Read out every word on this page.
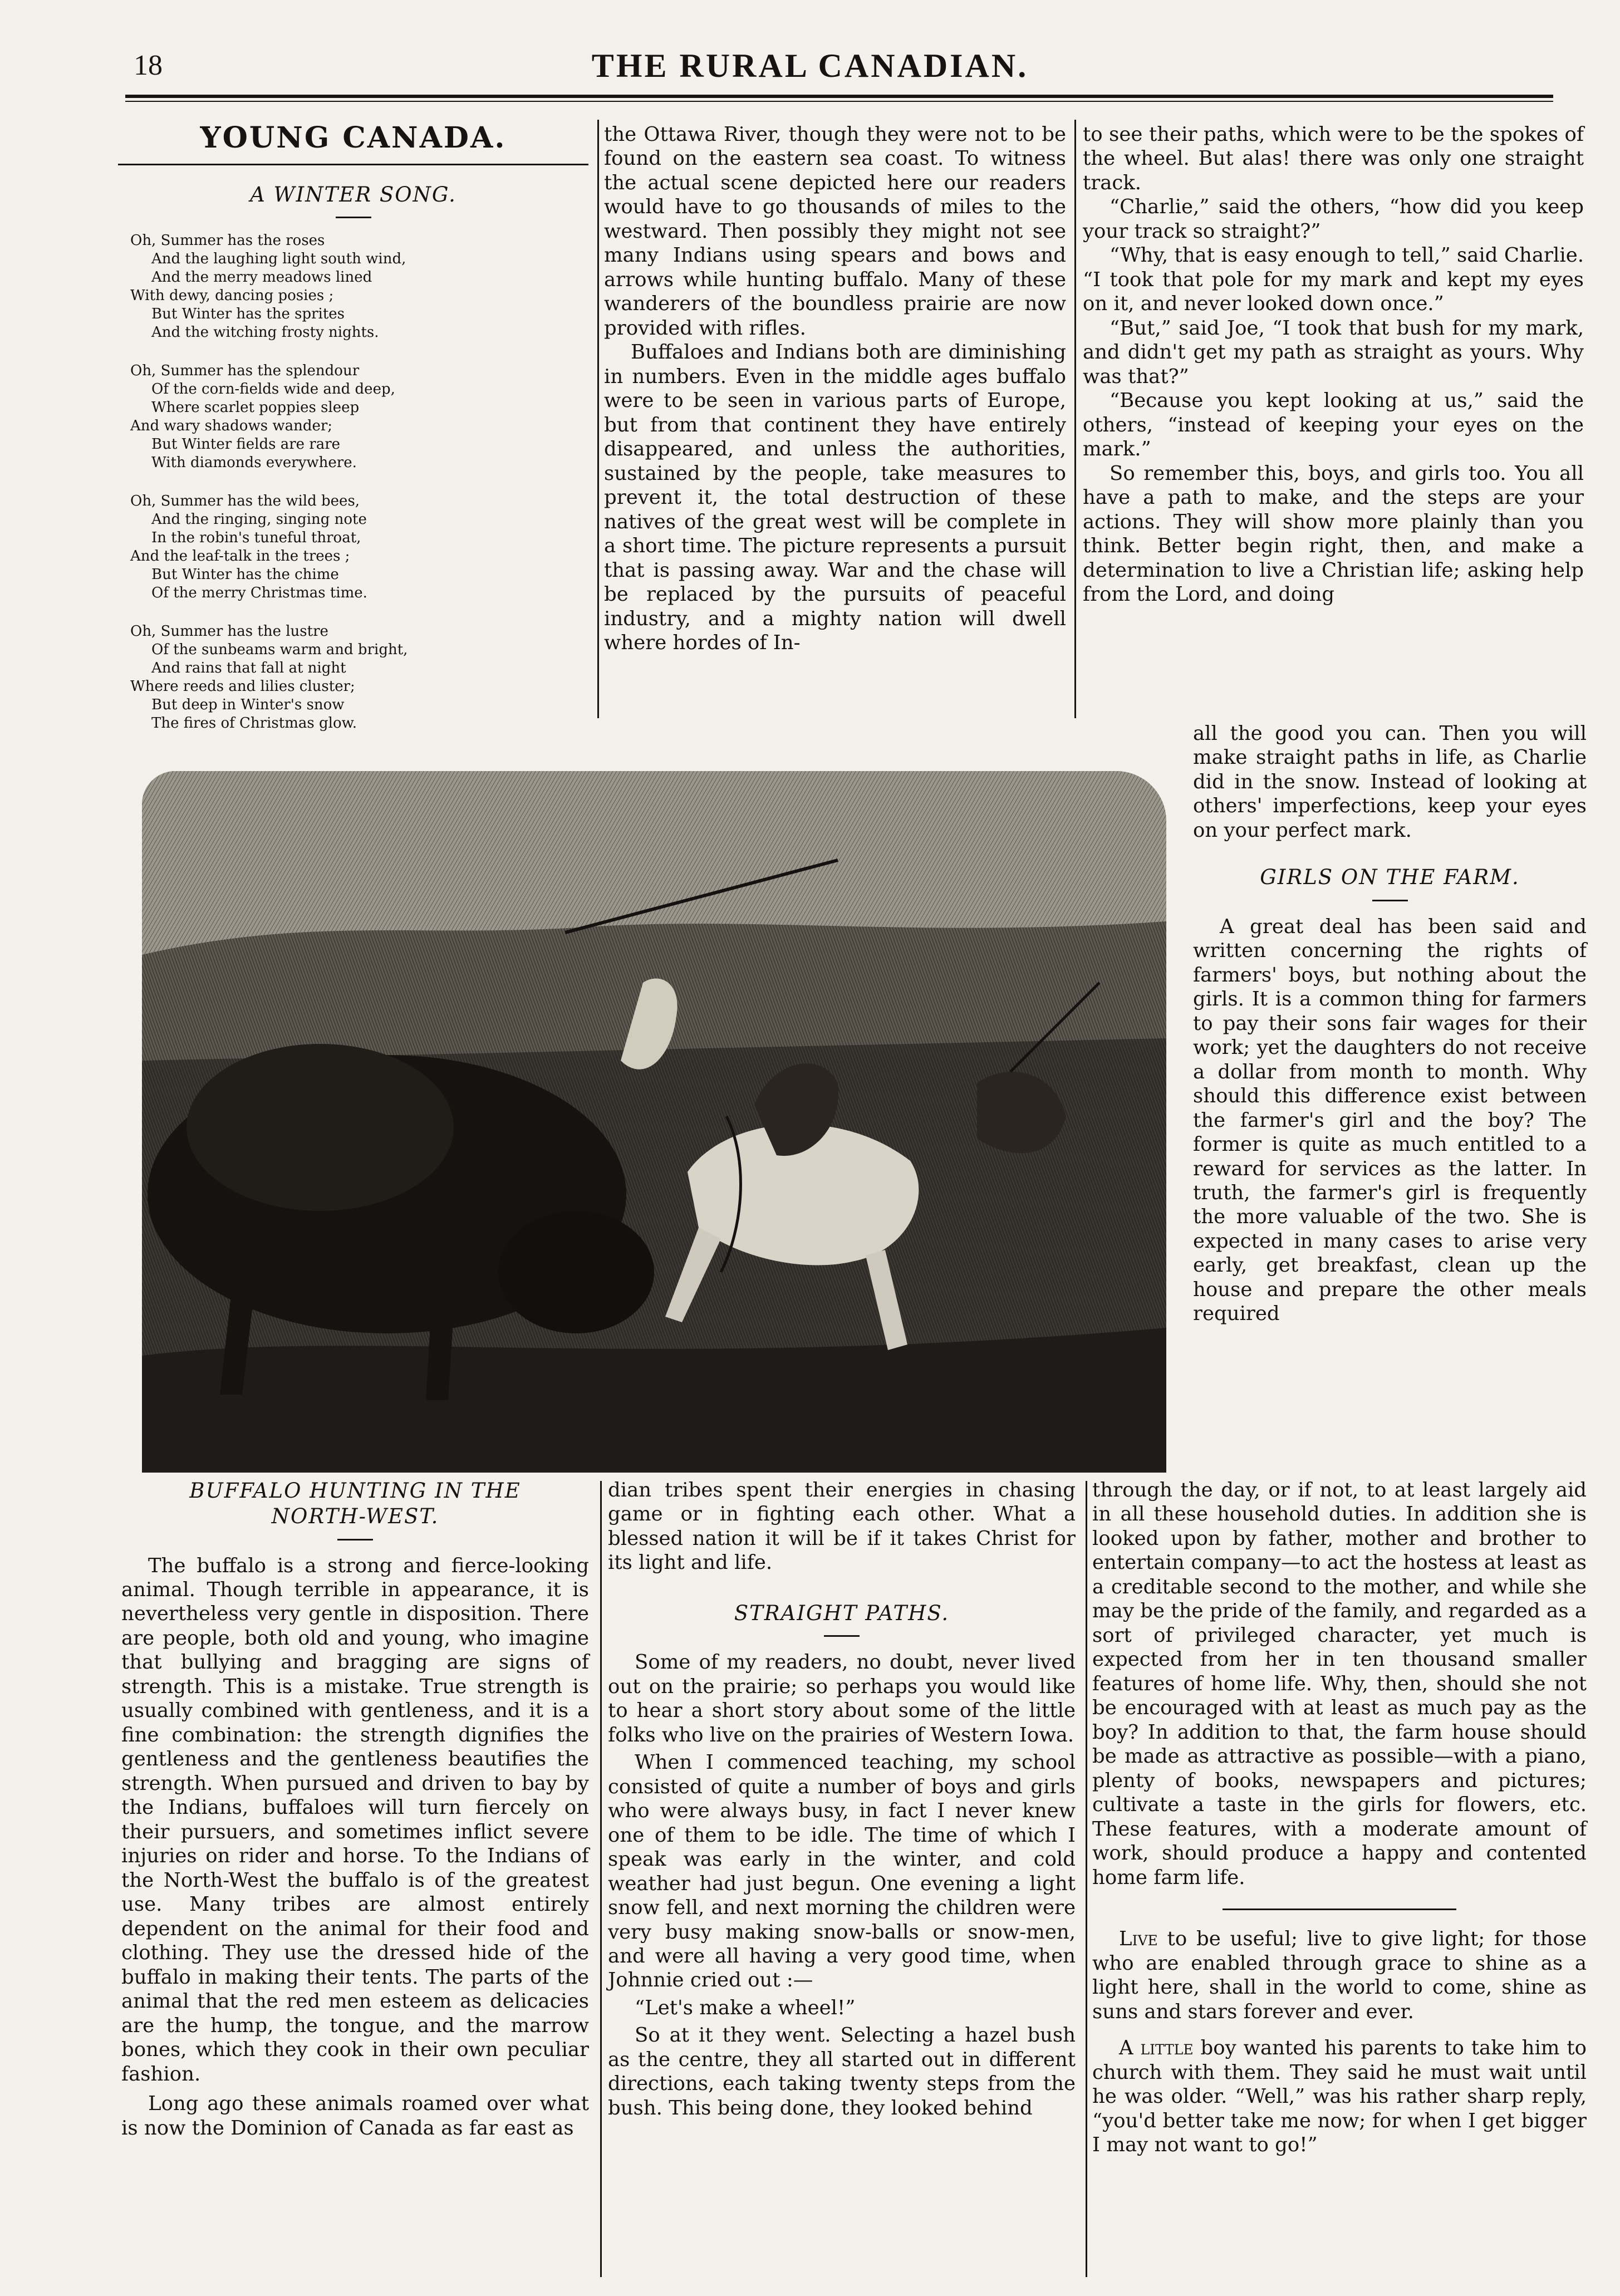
18	THE RURAL CANADIAN.
YOUNG CANADA.
A WINTER SONG.
Oh, Summer has the roses
And the laughing light south wind,
And the merry meadows lined
With dewy, dancing posies ;
But Winter has the sprites
And the witching frosty nights.
Oh, Summer has the splendour
Of the corn-fields wide and deep,
Where scarlet poppies sleep
And wary shadows wander;
But Winter fields are rare
With diamonds everywhere.
Oh, Summer has the wild bees,
And the ringing, singing note
In the robin's tuneful throat,
And the leaf-talk in the trees ;
But Winter has the chime
Of the merry Christmas time.
Oh, Summer has the lustre
Of the sunbeams warm and bright,
And rains that fall at night
Where reeds and lilies cluster;
But deep in Winter's snow
The fires of Christmas glow.

the Ottawa River, though they were not to be found on the eastern sea coast. To witness the actual scene depicted here our readers would have to go thousands of miles to the westward. Then possibly they might not see many Indians using spears and bows and arrows while hunting buffalo. Many of these wanderers of the boundless prairie are now provided with rifles.

Buffaloes and Indians both are diminishing in numbers. Even in the middle ages buffalo were to be seen in various parts of Europe, but from that continent they have entirely disappeared, and unless the authorities, sustained by the people, take measures to prevent it, the total destruction of these natives of the great west will be complete in a short time. The picture represents a pursuit that is passing away. War and the chase will be replaced by the pursuits of peaceful industry, and a mighty nation will dwell where hordes of In-

to see their paths, which were to be the spokes of the wheel. But alas! there was only one straight track.

“Charlie,” said the others, “how did you keep your track so straight?”

“Why, that is easy enough to tell,” said Charlie. “I took that pole for my mark and kept my eyes on it, and never looked down once.”

“But,” said Joe, “I took that bush for my mark, and didn't get my path as straight as yours. Why was that?”

“Because you kept looking at us,” said the others, “instead of keeping your eyes on the mark.”

So remember this, boys, and girls too. You all have a path to make, and the steps are your actions. They will show more plainly than you think. Better begin right, then, and make a determination to live a Christian life; asking help from the Lord, and doing

all the good you can. Then you will make straight paths in life, as Charlie did in the snow. Instead of looking at others' imperfections, keep your eyes on your perfect mark.

GIRLS ON THE FARM.

A great deal has been said and written concerning the rights of farmers' boys, but nothing about the girls. It is a common thing for farmers to pay their sons fair wages for their work; yet the daughters do not receive a dollar from month to month. Why should this difference exist between the farmer's girl and the boy? The former is quite as much entitled to a reward for services as the latter. In truth, the farmer's girl is frequently the more valuable of the two. She is expected in many cases to arise very early, get breakfast, clean up the house and prepare the other meals required

BUFFALO HUNTING IN THE NORTH-WEST.

The buffalo is a strong and fierce-looking animal. Though terrible in appearance, it is nevertheless very gentle in disposition. There are people, both old and young, who imagine that bullying and bragging are signs of strength. This is a mistake. True strength is usually combined with gentleness, and it is a fine combination: the strength dignifies the gentleness and the gentleness beautifies the strength. When pursued and driven to bay by the Indians, buffaloes will turn fiercely on their pursuers, and sometimes inflict severe injuries on rider and horse. To the Indians of the North-West the buffalo is of the greatest use. Many tribes are almost entirely dependent on the animal for their food and clothing. They use the dressed hide of the buffalo in making their tents. The parts of the animal that the red men esteem as delicacies are the hump, the tongue, and the marrow bones, which they cook in their own peculiar fashion.

Long ago these animals roamed over what is now the Dominion of Canada as far east as

dian tribes spent their energies in chasing game or in fighting each other. What a blessed nation it will be if it takes Christ for its light and life.

STRAIGHT PATHS.

Some of my readers, no doubt, never lived out on the prairie; so perhaps you would like to hear a short story about some of the little folks who live on the prairies of Western Iowa.

When I commenced teaching, my school consisted of quite a number of boys and girls who were always busy, in fact I never knew one of them to be idle. The time of which I speak was early in the winter, and cold weather had just begun. One evening a light snow fell, and next morning the children were very busy making snow-balls or snow-men, and were all having a very good time, when Johnnie cried out :—

“Let's make a wheel!”

So at it they went. Selecting a hazel bush as the centre, they all started out in different directions, each taking twenty steps from the bush. This being done, they looked behind

through the day, or if not, to at least largely aid in all these household duties. In addition she is looked upon by father, mother and brother to entertain company—to act the hostess at least as a creditable second to the mother, and while she may be the pride of the family, and regarded as a sort of privileged character, yet much is expected from her in ten thousand smaller features of home life. Why, then, should she not be encouraged with at least as much pay as the boy? In addition to that, the farm house should be made as attractive as possible—with a piano, plenty of books, newspapers and pictures; cultivate a taste in the girls for flowers, etc. These features, with a moderate amount of work, should produce a happy and contented home farm life.

Live to be useful; live to give light; for those who are enabled through grace to shine as a light here, shall in the world to come, shine as suns and stars forever and ever.

A little boy wanted his parents to take him to church with them. They said he must wait until he was older. “Well,” was his rather sharp reply, “you'd better take me now; for when I get bigger I may not want to go!”
